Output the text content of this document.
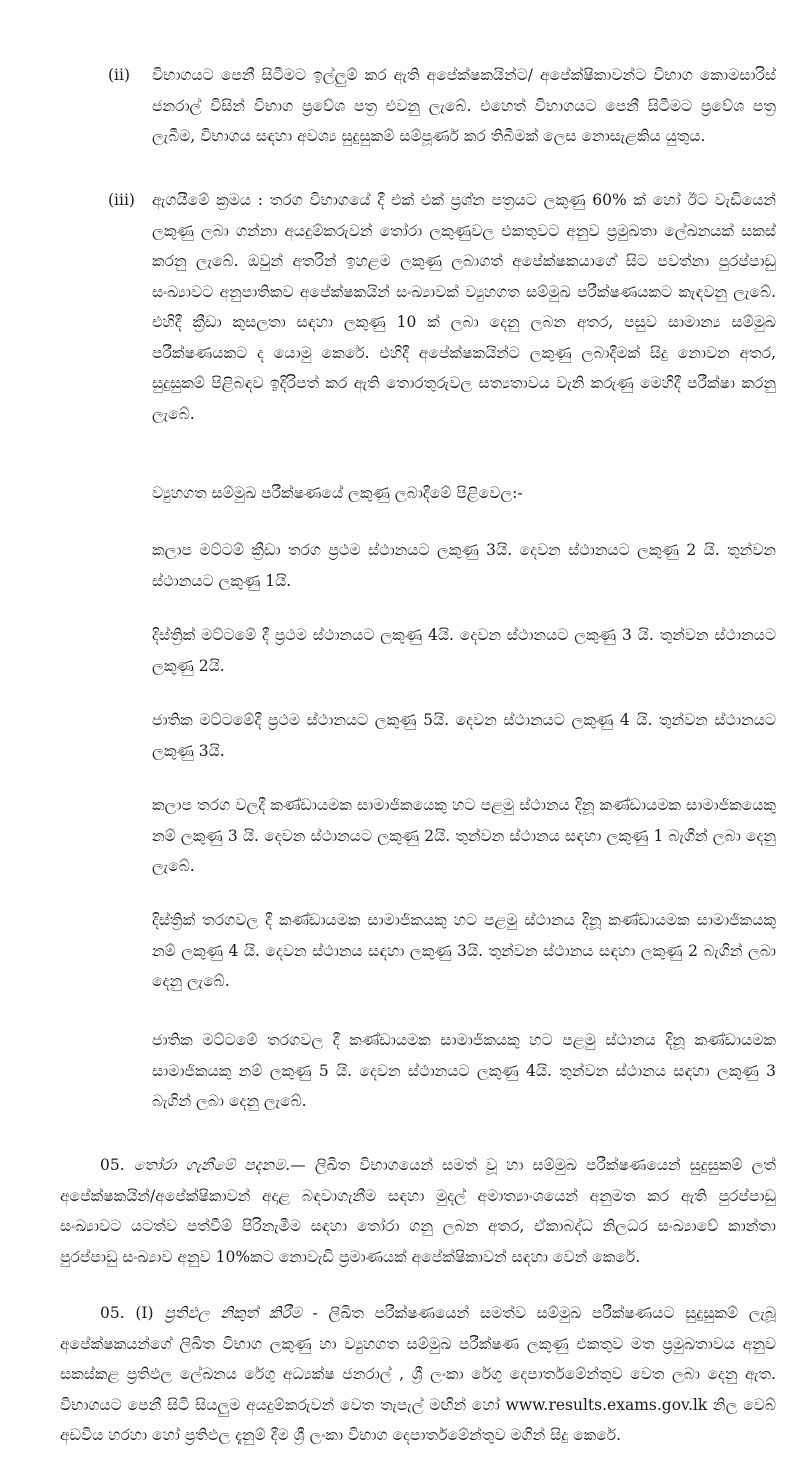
(ii)	විභාගයට පෙනී සිටීමට ඉල්ලුම් කර ඇති අපේක්ෂකයින්ට/ අපේක්ෂිකාවන්ට විභාග කොමසාරිස් ජනරාල් විසින් විභාග ප්‍රවේශ පත්‍ර එවනු ලැබේ. එහෙත් විභාගයට පෙනී සිටීමට ප්‍රවේශ පත්‍ර ලැබීම, විභාගය සඳහා අවශ්‍ය සුදුසුකම් සම්පූර්ණ කර තිබීමක් ලෙස නොසැළකිය යුතුය.

(iii)	ඇගයීමේ ක්‍රමය : තරග විභාගයේ දී එක් එක් ප්‍රශ්න පත්‍රයට ලකුණු 60% ක් හෝ ඊට වැඩියෙන් ලකුණු ලබා ගන්නා අයදුම්කරුවන් තෝරා ලකුණුවල එකතුවට අනුව ප්‍රමුඛතා ලේඛනයක් සකස් කරනු ලැබේ. ඔවුන් අතරින් ඉහළම ලකුණු ලබාගත් අපේක්ෂකයාගේ සිට පවත්නා පුරප්පාඩු සංඛ්‍යාවට අනුපාතිකව අපේක්ෂකයින් සංඛ්‍යාවක් ව්‍යුහගත සම්මුඛ පරීක්ෂණයකට කැඳවනු ලැබේ. එහිදී ක්‍රීඩා කුසලතා සඳහා ලකුණු 10 ක් ලබා දෙනු ලබන අතර, පසුව සාමාන්‍ය සම්මුඛ පරීක්ෂණයකට ද යොමු කෙරේ. එහිදී අපේක්ෂකයින්ට ලකුණු ලබාදීමක් සිදු නොවන අතර, සුදුසුකම් පිළිබඳව ඉදිරිපත් කර ඇති තොරතුරුවල සත්‍යතාවය වැනි කරුණු මෙහිදී පරීක්ෂා කරනු ලැබේ.

ව්‍යුහගත සම්මුඛ පරීක්ෂණයේ ලකුණු ලබාදීමේ පිළිවෙල:-

කලාප මට්ටම් ක්‍රීඩා තරග ප්‍රථම ස්ථානයට ලකුණු 3යි. දෙවන ස්ථානයට ලකුණු 2 යි. තුන්වන ස්ථානයට ලකුණු 1යි.

දිස්ත්‍රික් මට්ටමේ දී ප්‍රථම ස්ථානයට ලකුණු 4යි. දෙවන ස්ථානයට ලකුණු 3 යි. තුන්වන ස්ථානයට ලකුණු 2යි.

ජාතික මට්ටමේදී ප්‍රථම ස්ථානයට ලකුණු 5යි. දෙවන ස්ථානයට ලකුණු 4 යි. තුන්වන ස්ථානයට ලකුණු 3යි.

කලාප තරග වලදී කණ්ඩායමක සාමාජිකයෙකු හට පළමු ස්ථානය දිනූ කණ්ඩායමක සාමාජිකයෙකු නම් ලකුණු 3 යි. දෙවන ස්ථානයට ලකුණු 2යි. තුන්වන ස්ථානය සඳහා ලකුණු 1 බැගින් ලබා දෙනු ලැබේ.

දිස්ත්‍රික් තරගවල දී කණ්ඩායමක සාමාජිකයකු හට පළමු ස්ථානය දිනූ කණ්ඩායමක සාමාජිකයකු නම් ලකුණු 4 යි. දෙවන ස්ථානය සඳහා ලකුණු 3යි. තුන්වන ස්ථානය සඳහා ලකුණු 2 බැගින් ලබා දෙනු ලැබේ.

ජාතික මට්ටමේ තරගවල දී කණ්ඩායමක සාමාජිකයකු හට පළමු ස්ථානය දිනූ කණ්ඩායමක සාමාජිකයකු නම් ලකුණු 5 යි. දෙවන ස්ථානයට ලකුණු 4යි. තුන්වන ස්ථානය සඳහා ලකුණු 3 බැගින් ලබා දෙනු ලැබේ.

05. තෝරා ගැනීමේ පදනම.— ලිඛිත විභාගයෙන් සමත් වූ හා සම්මුඛ පරීක්ෂණයෙන් සුදුසුකම් ලත් අපේක්ෂකයින්/අපේක්ෂිකාවන් අදාළ බඳවාගැනීම සඳහා මුදල් අමාත්‍යාංශයෙන් අනුමත කර ඇති පුරප්පාඩු සංඛ්‍යාවට යටත්ව පත්වීම් පිරිනැමීම සඳහා තෝරා ගනු ලබන අතර, ඒකාබද්ධ නිලධර සංඛ්‍යාවේ කාන්තා පුරප්පාඩු සංඛ්‍යාව අනුව 10%කට නොවැඩි ප්‍රමාණයක් අපේක්ෂිකාවන් සඳහා වෙන් කෙරේ.

05. (I) ප්‍රතිඵල නිකුත් කිරීම - ලිඛිත පරීක්ෂණයෙන් සමත්ව සම්මුඛ පරීක්ෂණයට සුදුසුකම් ලැබූ අපේක්ෂකයන්ගේ ලිඛිත විභාග ලකුණු හා ව්‍යුහගත සම්මුඛ පරීක්ෂණ ලකුණු එකතුව මත ප්‍රමුඛතාවය අනුව සකස්කළ ප්‍රතිඵල ලේඛනය රේගු අධ්‍යක්ෂ ජනරාල් , ශ්‍රී ලංකා රේගු දෙපාර්තමේන්තුව වෙත ලබා දෙනු ඇත. විභාගයට පෙනී සිටි සියලුම අයදුම්කරුවන් වෙත තැපැල් මඟින් හෝ www.results.exams.gov.lk නිල වෙබ් අඩවිය හරහා හෝ ප්‍රතිඵල දැනුම් දීම ශ්‍රී ලංකා විභාග දෙපාර්තමේන්තුව මගින් සිදු කෙරේ.
